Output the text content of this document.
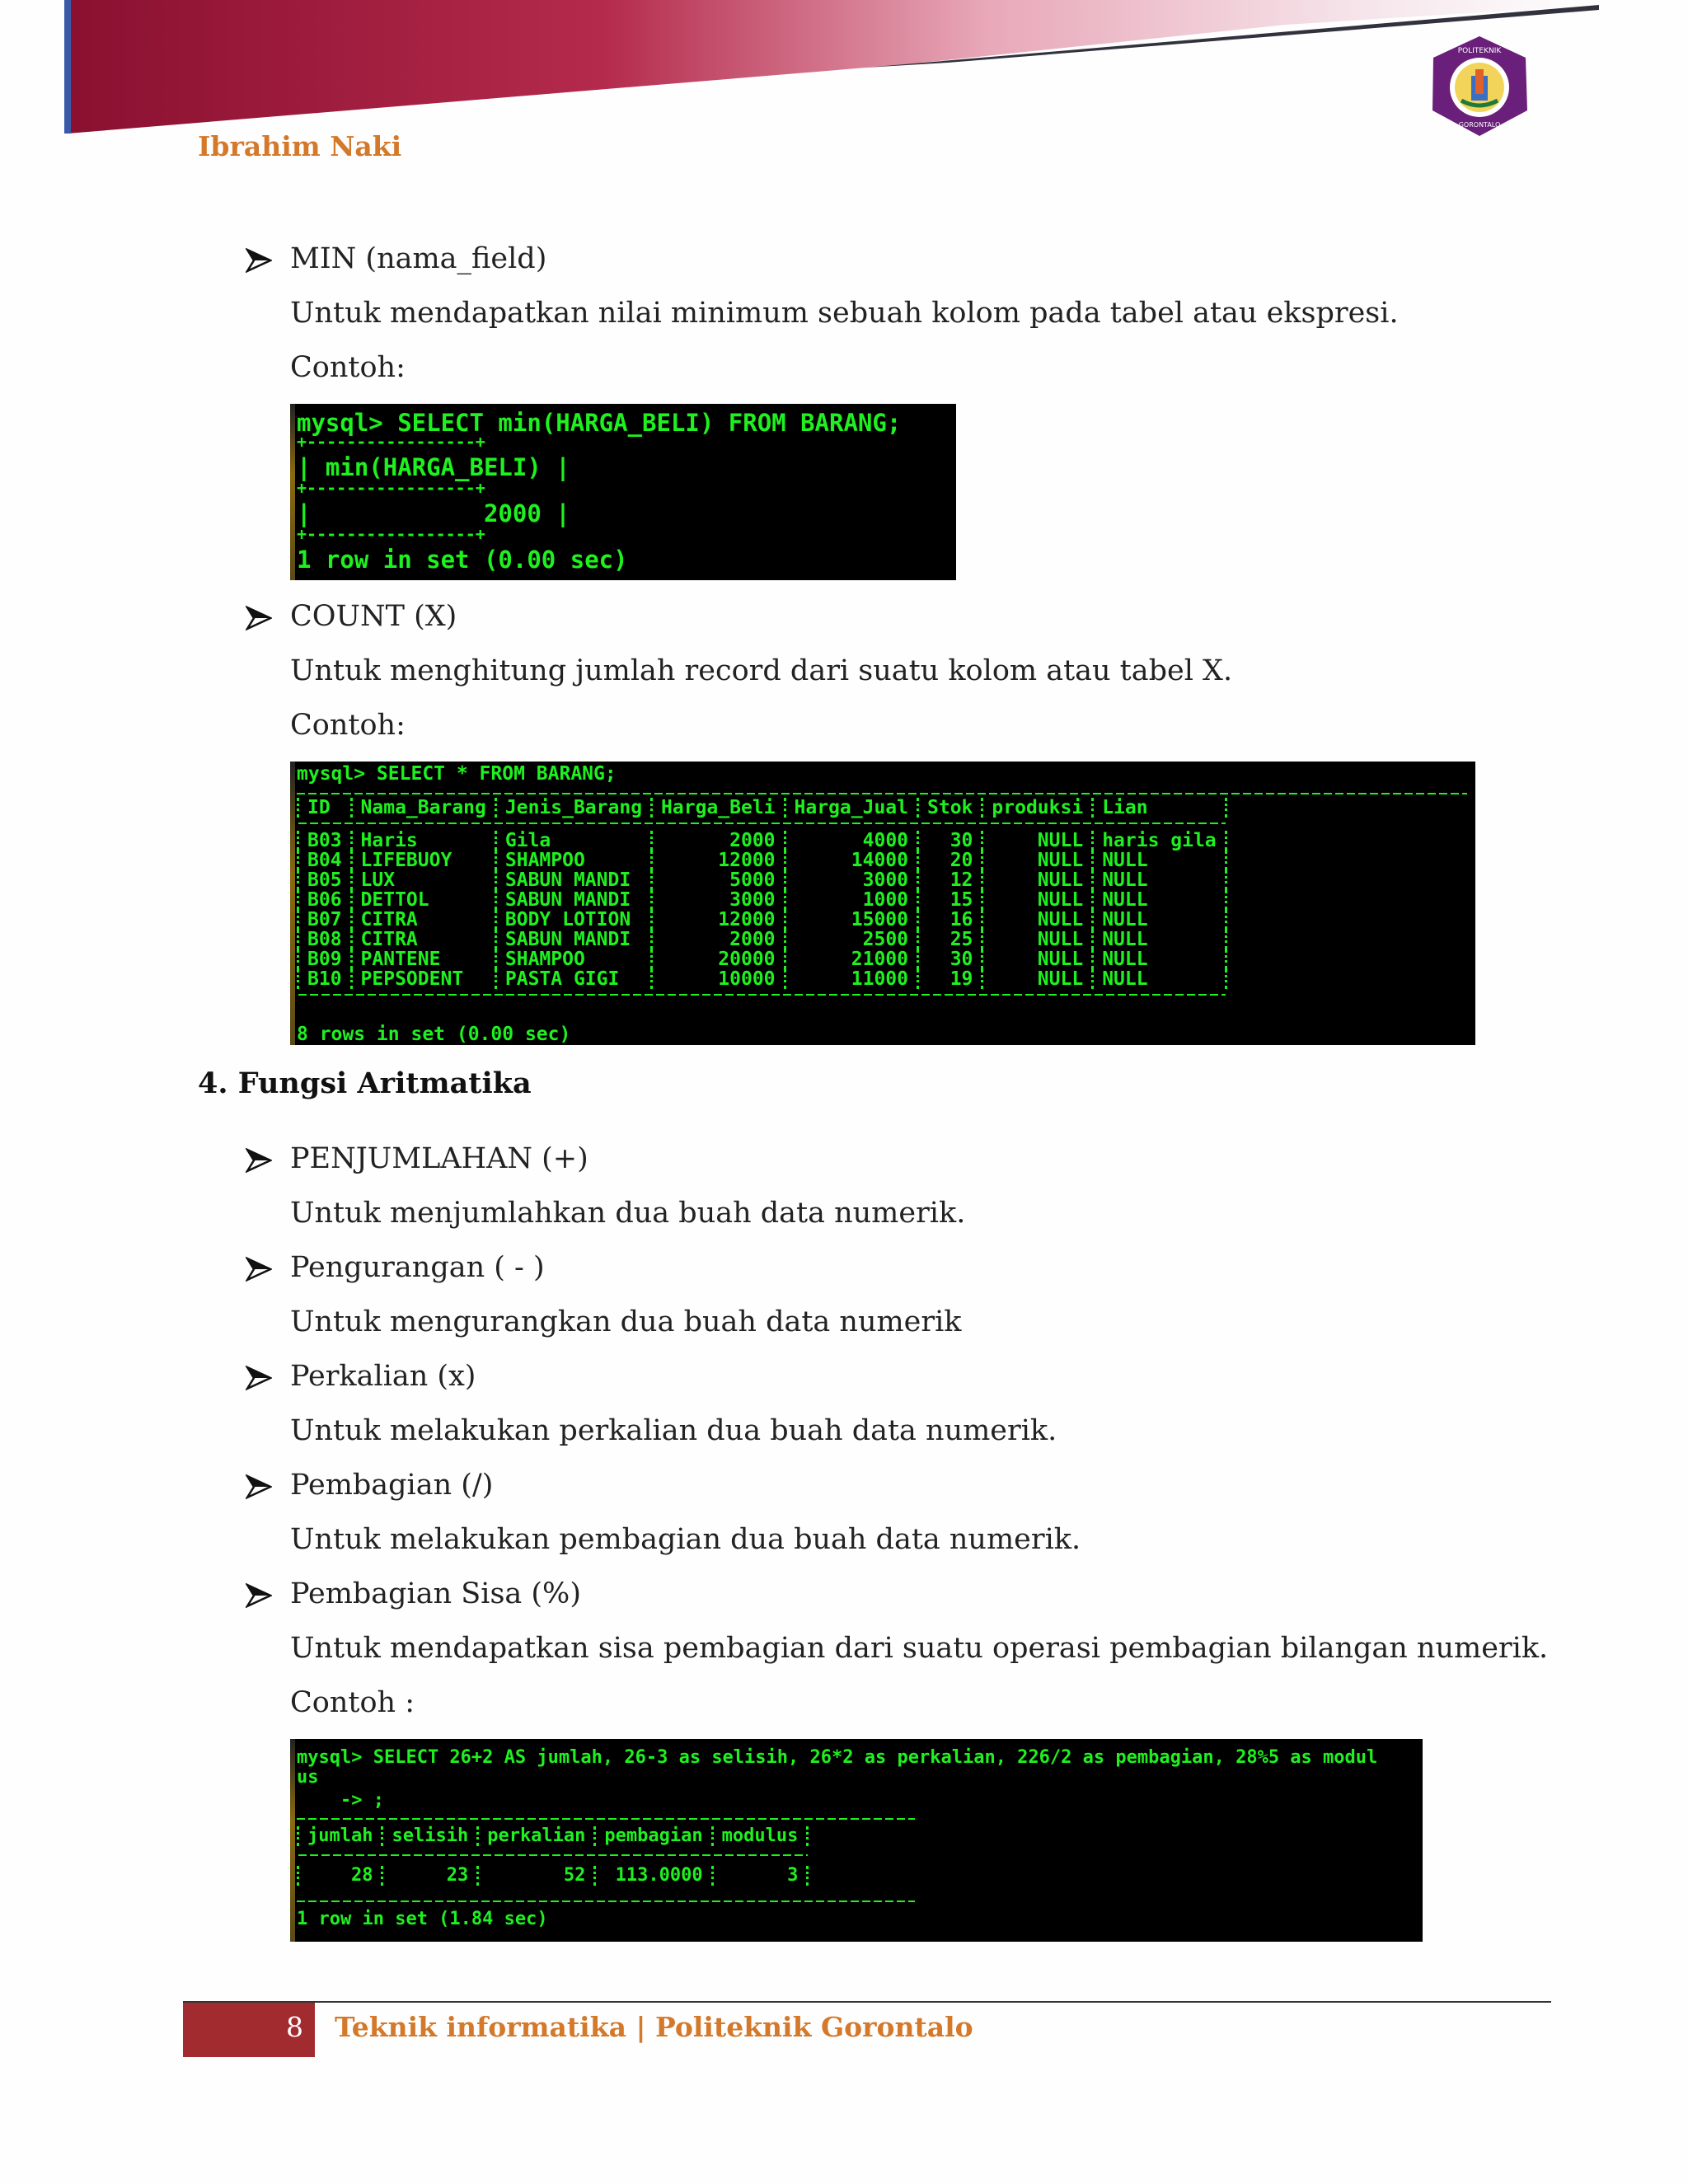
Ibrahim Naki
POLITEKNIK
GORONTALO
MIN (nama_field)
Untuk mendapatkan nilai minimum sebuah kolom pada tabel atau ekspresi.
Contoh:

mysql> SELECT min(HARGA_BELI) FROM BARANG;

+-----------------+

| min(HARGA_BELI) |

+-----------------+

|            2000 |

+-----------------+

1 row in set (0.00 sec)

COUNT (X)
Untuk menghitung jumlah record dari suatu kolom atau tabel X.
Contoh:

mysql> SELECT * FROM BARANG;

ID	Nama_Barang	Jenis_Barang	Harga_Beli	Harga_Jual	Stok	produksi	Lian

B03	Haris	Gila	2000	4000	30	NULL	haris gila
B04	LIFEBUOY	SHAMPOO	12000	14000	20	NULL	NULL
B05	LUX	SABUN MANDI	5000	3000	12	NULL	NULL
B06	DETTOL	SABUN MANDI	3000	1000	15	NULL	NULL
B07	CITRA	BODY LOTION	12000	15000	16	NULL	NULL
B08	CITRA	SABUN MANDI	2000	2500	25	NULL	NULL
B09	PANTENE	SHAMPOO	20000	21000	30	NULL	NULL
B10	PEPSODENT	PASTA GIGI	10000	11000	19	NULL	NULL

8 rows in set (0.00 sec)

4. Fungsi Aritmatika
PENJUMLAHAN (+)
Untuk menjumlahkan dua buah data numerik.
Pengurangan ( - )
Untuk mengurangkan dua buah data numerik
Perkalian (x)
Untuk melakukan perkalian dua buah data numerik.
Pembagian (/)
Untuk melakukan pembagian dua buah data numerik.
Pembagian Sisa (%)
Untuk mendapatkan sisa pembagian dari suatu operasi pembagian bilangan numerik.
Contoh :

mysql> SELECT 26+2 AS jumlah, 26-3 as selisih, 26*2 as perkalian, 226/2 as pembagian, 28%5 as modul

us

-> ;

jumlah	selisih	perkalian	pembagian	modulus

28	23	52	113.0000	3

1 row in set (1.84 sec)

8 Teknik informatika | Politeknik Gorontalo
